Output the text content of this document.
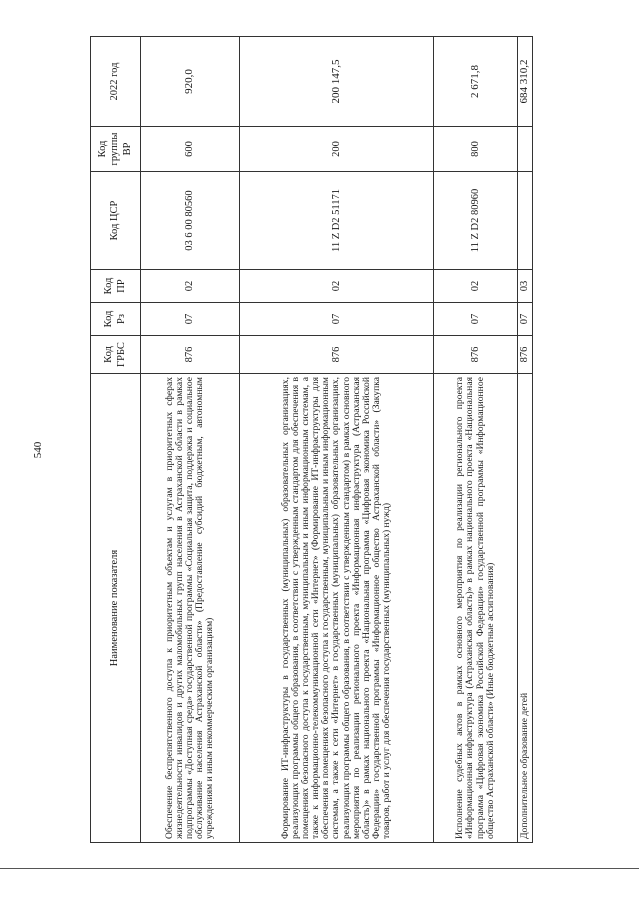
540
Наименование показателя	Код ГРБС	Код Рз	Код ПР	Код ЦСР	Код группы ВР	2022 год
Обеспечение беспрепятственного доступа к приоритетным объектам и услугам в приоритетных сферах жизнедеятельности инвалидов и других маломобильных групп населения в Астраханской области в рамках подпрограммы «Доступная среда» государственной программы «Социальная защита, поддержка и социальное обслуживание населения Астраханской области» (Предоставление субсидий бюджетным, автономным учреждениям и иным некоммерческим организациям)	876	07	02	03 6 00 80560	600	920,0
Формирование ИТ-инфраструктуры в государственных (муниципальных) образовательных организациях, реализующих программы общего образования, в соответствии с утвержденным стандартом для обеспечения в помещениях безопасного доступа к государственным, муниципальным и иным информационным системам, а также к информационно-телекоммуникационной сети «Интернет» (Формирование ИТ-инфраструктуры для обеспечения в помещениях безопасного доступа к государственным, муниципальным и иным информационным системам, а также к сети «Интернет» в государственных (муниципальных) образовательных организациях, реализующих программы общего образования, в соответствии с утвержденным стандартом) в рамках основного мероприятия по реализации регионального проекта «Информационная инфраструктура (Астраханская область)» в рамках национального проекта «Национальная программа «Цифровая экономика Российской Федерации» государственной программы «Информационное общество Астраханской области» (Закупка товаров, работ и услуг для обеспечения государственных (муниципальных) нужд)	876	07	02	11 Z D2 51171	200	200 147,5
Исполнение судебных актов в рамках основного мероприятия по реализации регионального проекта «Информационная инфраструктура (Астраханская область)» в рамках национального проекта «Национальная программа «Цифровая экономика Российской Федерации» государственной программы «Информационное общество Астраханской области» (Иные бюджетные ассигнования)	876	07	02	11 Z D2 80960	800	2 671,8
Дополнительное образование детей	876	07	03			684 310,2
